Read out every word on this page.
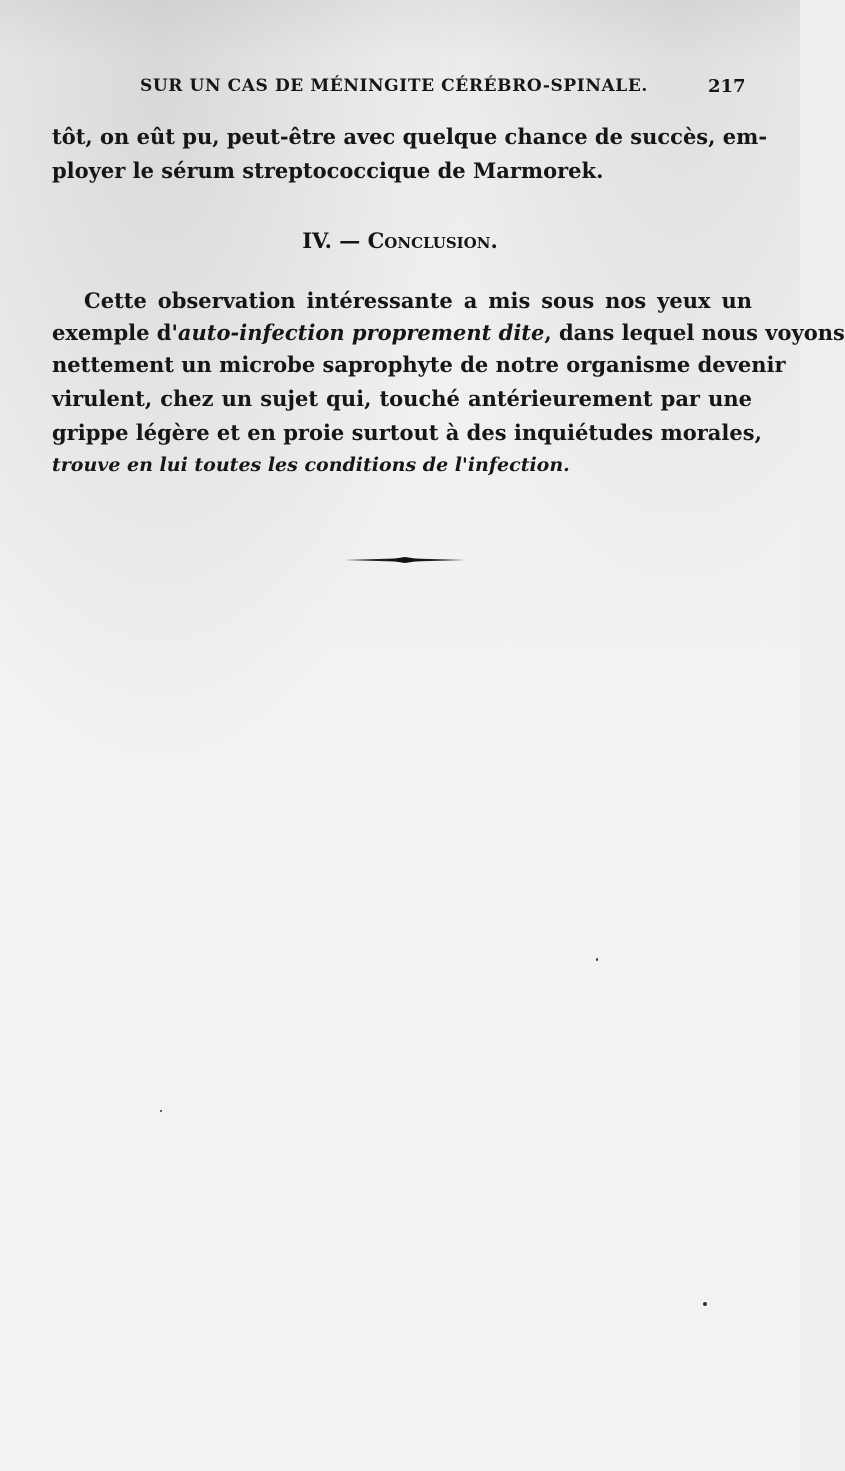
SUR UN CAS DE MÉNINGITE CÉRÉBRO-SPINALE.	217
tôt, on eût pu, peut-être avec quelque chance de succès, em-
ployer le sérum streptococcique de Marmorek.
IV. — Conclusion.
Cette observation intéressante a mis sous nos yeux un
exemple d'auto-infection proprement dite, dans lequel nous voyons
nettement un microbe saprophyte de notre organisme devenir
virulent, chez un sujet qui, touché antérieurement par une
grippe légère et en proie surtout à des inquiétudes morales,
trouve en lui toutes les conditions de l'infection.
